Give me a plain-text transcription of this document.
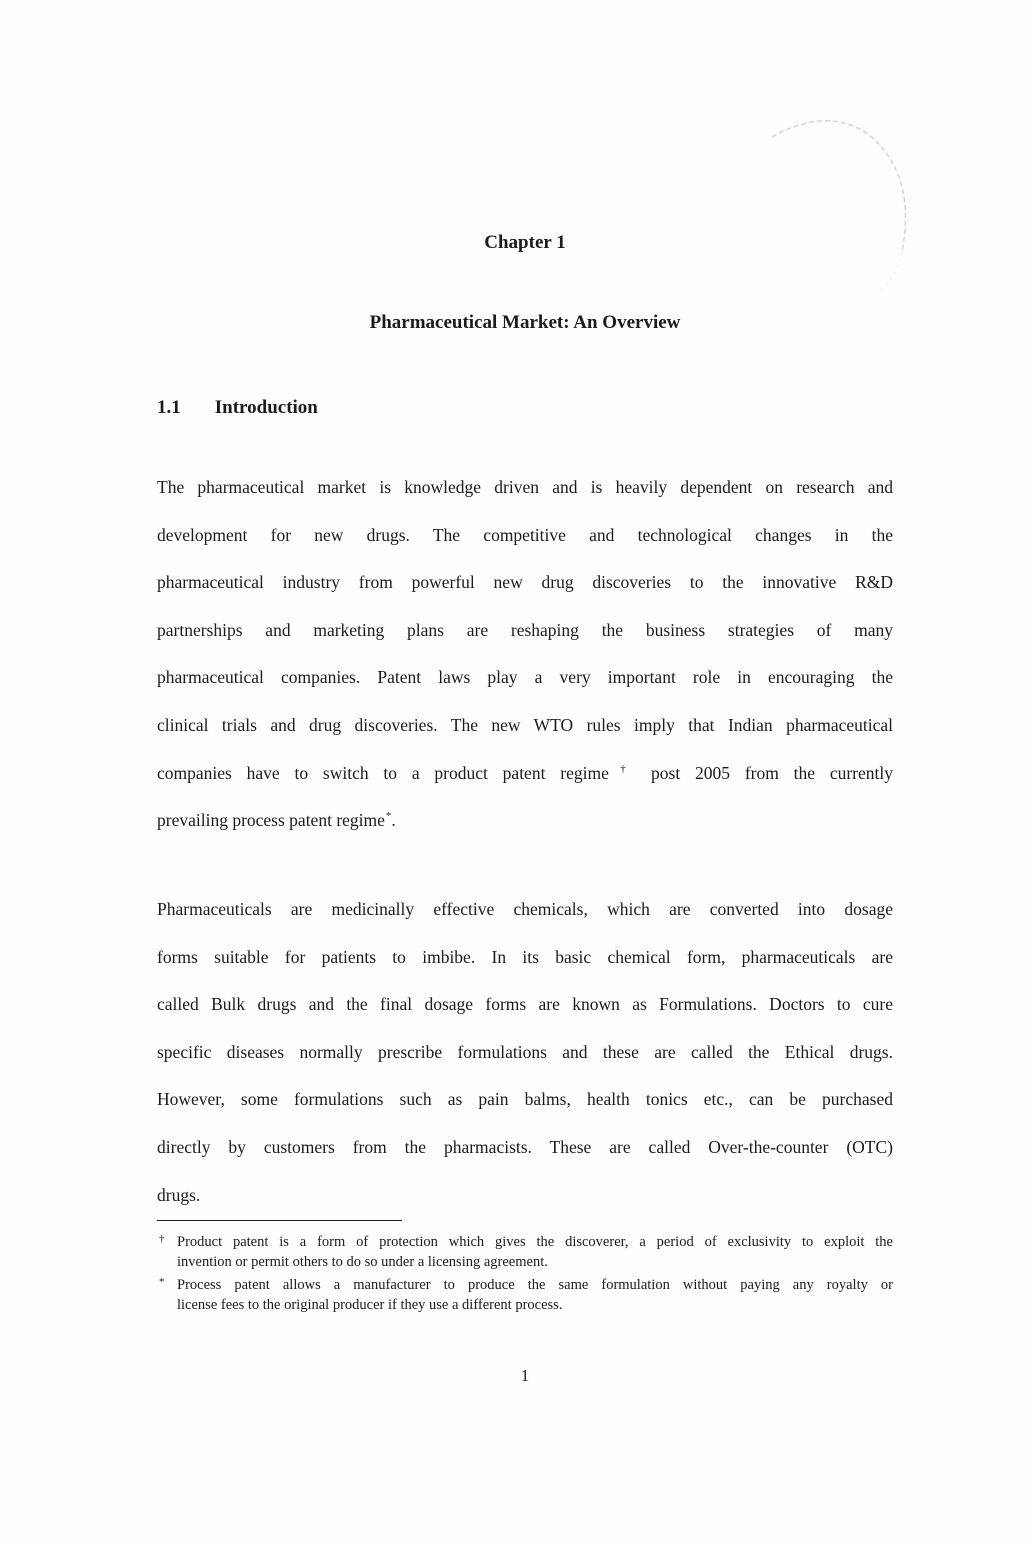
Chapter 1
Pharmaceutical Market: An Overview
1.1 Introduction
The pharmaceutical market is knowledge driven and is heavily dependent on research and
development for new drugs. The competitive and technological changes in the
pharmaceutical industry from powerful new drug discoveries to the innovative R&D
partnerships and marketing plans are reshaping the business strategies of many
pharmaceutical companies. Patent laws play a very important role in encouraging the
clinical trials and drug discoveries. The new WTO rules imply that Indian pharmaceutical
companies have to switch to a product patent regime† post 2005 from the currently
prevailing process patent regime*.
Pharmaceuticals are medicinally effective chemicals, which are converted into dosage
forms suitable for patients to imbibe. In its basic chemical form, pharmaceuticals are
called Bulk drugs and the final dosage forms are known as Formulations. Doctors to cure
specific diseases normally prescribe formulations and these are called the Ethical drugs.
However, some formulations such as pain balms, health tonics etc., can be purchased
directly by customers from the pharmacists. These are called Over-the-counter (OTC)
drugs.
† Product patent is a form of protection which gives the discoverer, a period of exclusivity to exploit the
invention or permit others to do so under a licensing agreement.
* Process patent allows a manufacturer to produce the same formulation without paying any royalty or
license fees to the original producer if they use a different process.
1
